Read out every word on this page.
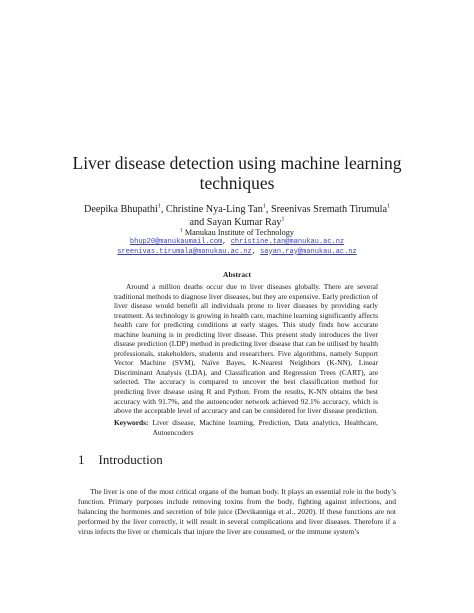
Liver disease detection using machine learning
techniques
Deepika Bhupathi$^1$, Christine Nya-Ling Tan$^1$, Sreenivas Sremath Tirumula$^1$
and Sayan Kumar Ray$^1$
$^1$ Manukau Institute of Technology
bhup20@manukaumail.com, christine.tan@manukau.ac.nz
sreenivas.tirumala@manukau.ac.nz, sayan.ray@manukau.ac.nz
Abstract

Around a million deaths occur due to liver diseases globally. There are several traditional methods to diagnose liver diseases, but they are expensive. Early prediction of liver disease would benefit all individuals prone to liver diseases by providing early treatment. As technology is growing in health care, machine learning significantly affects health care for predicting conditions at early stages. This study finds how accurate machine learning is in predicting liver disease. This present study introduces the liver disease prediction (LDP) method in predicting liver disease that can be utilised by health professionals, stakeholders, students and researchers. Five algorithms, namely Support Vector Machine (SVM), Naïve Bayes, K-Nearest Neighbors (K-NN), Linear Discriminant Analysis (LDA), and Classification and Regression Trees (CART), are selected. The accuracy is compared to uncover the best classification method for predicting liver disease using R and Python. From the results, K-NN obtains the best accuracy with 91.7%, and the autoencoder network achieved 92.1% accuracy, which is above the acceptable level of accuracy and can be considered for liver disease prediction.

Keywords: Liver disease, Machine learning, Prediction, Data analytics, Healthcare, Autoencoders
1 Introduction

The liver is one of the most critical organs of the human body. It plays an essential role in the body’s function. Primary purposes include removing toxins from the body, fighting against infections, and balancing the hormones and secretion of bile juice (Devikanniga et al., 2020). If these functions are not performed by the liver correctly, it will result in several complications and liver diseases. Therefore if a virus infects the liver or chemicals that injure the liver are consumed, or the immune system’s
